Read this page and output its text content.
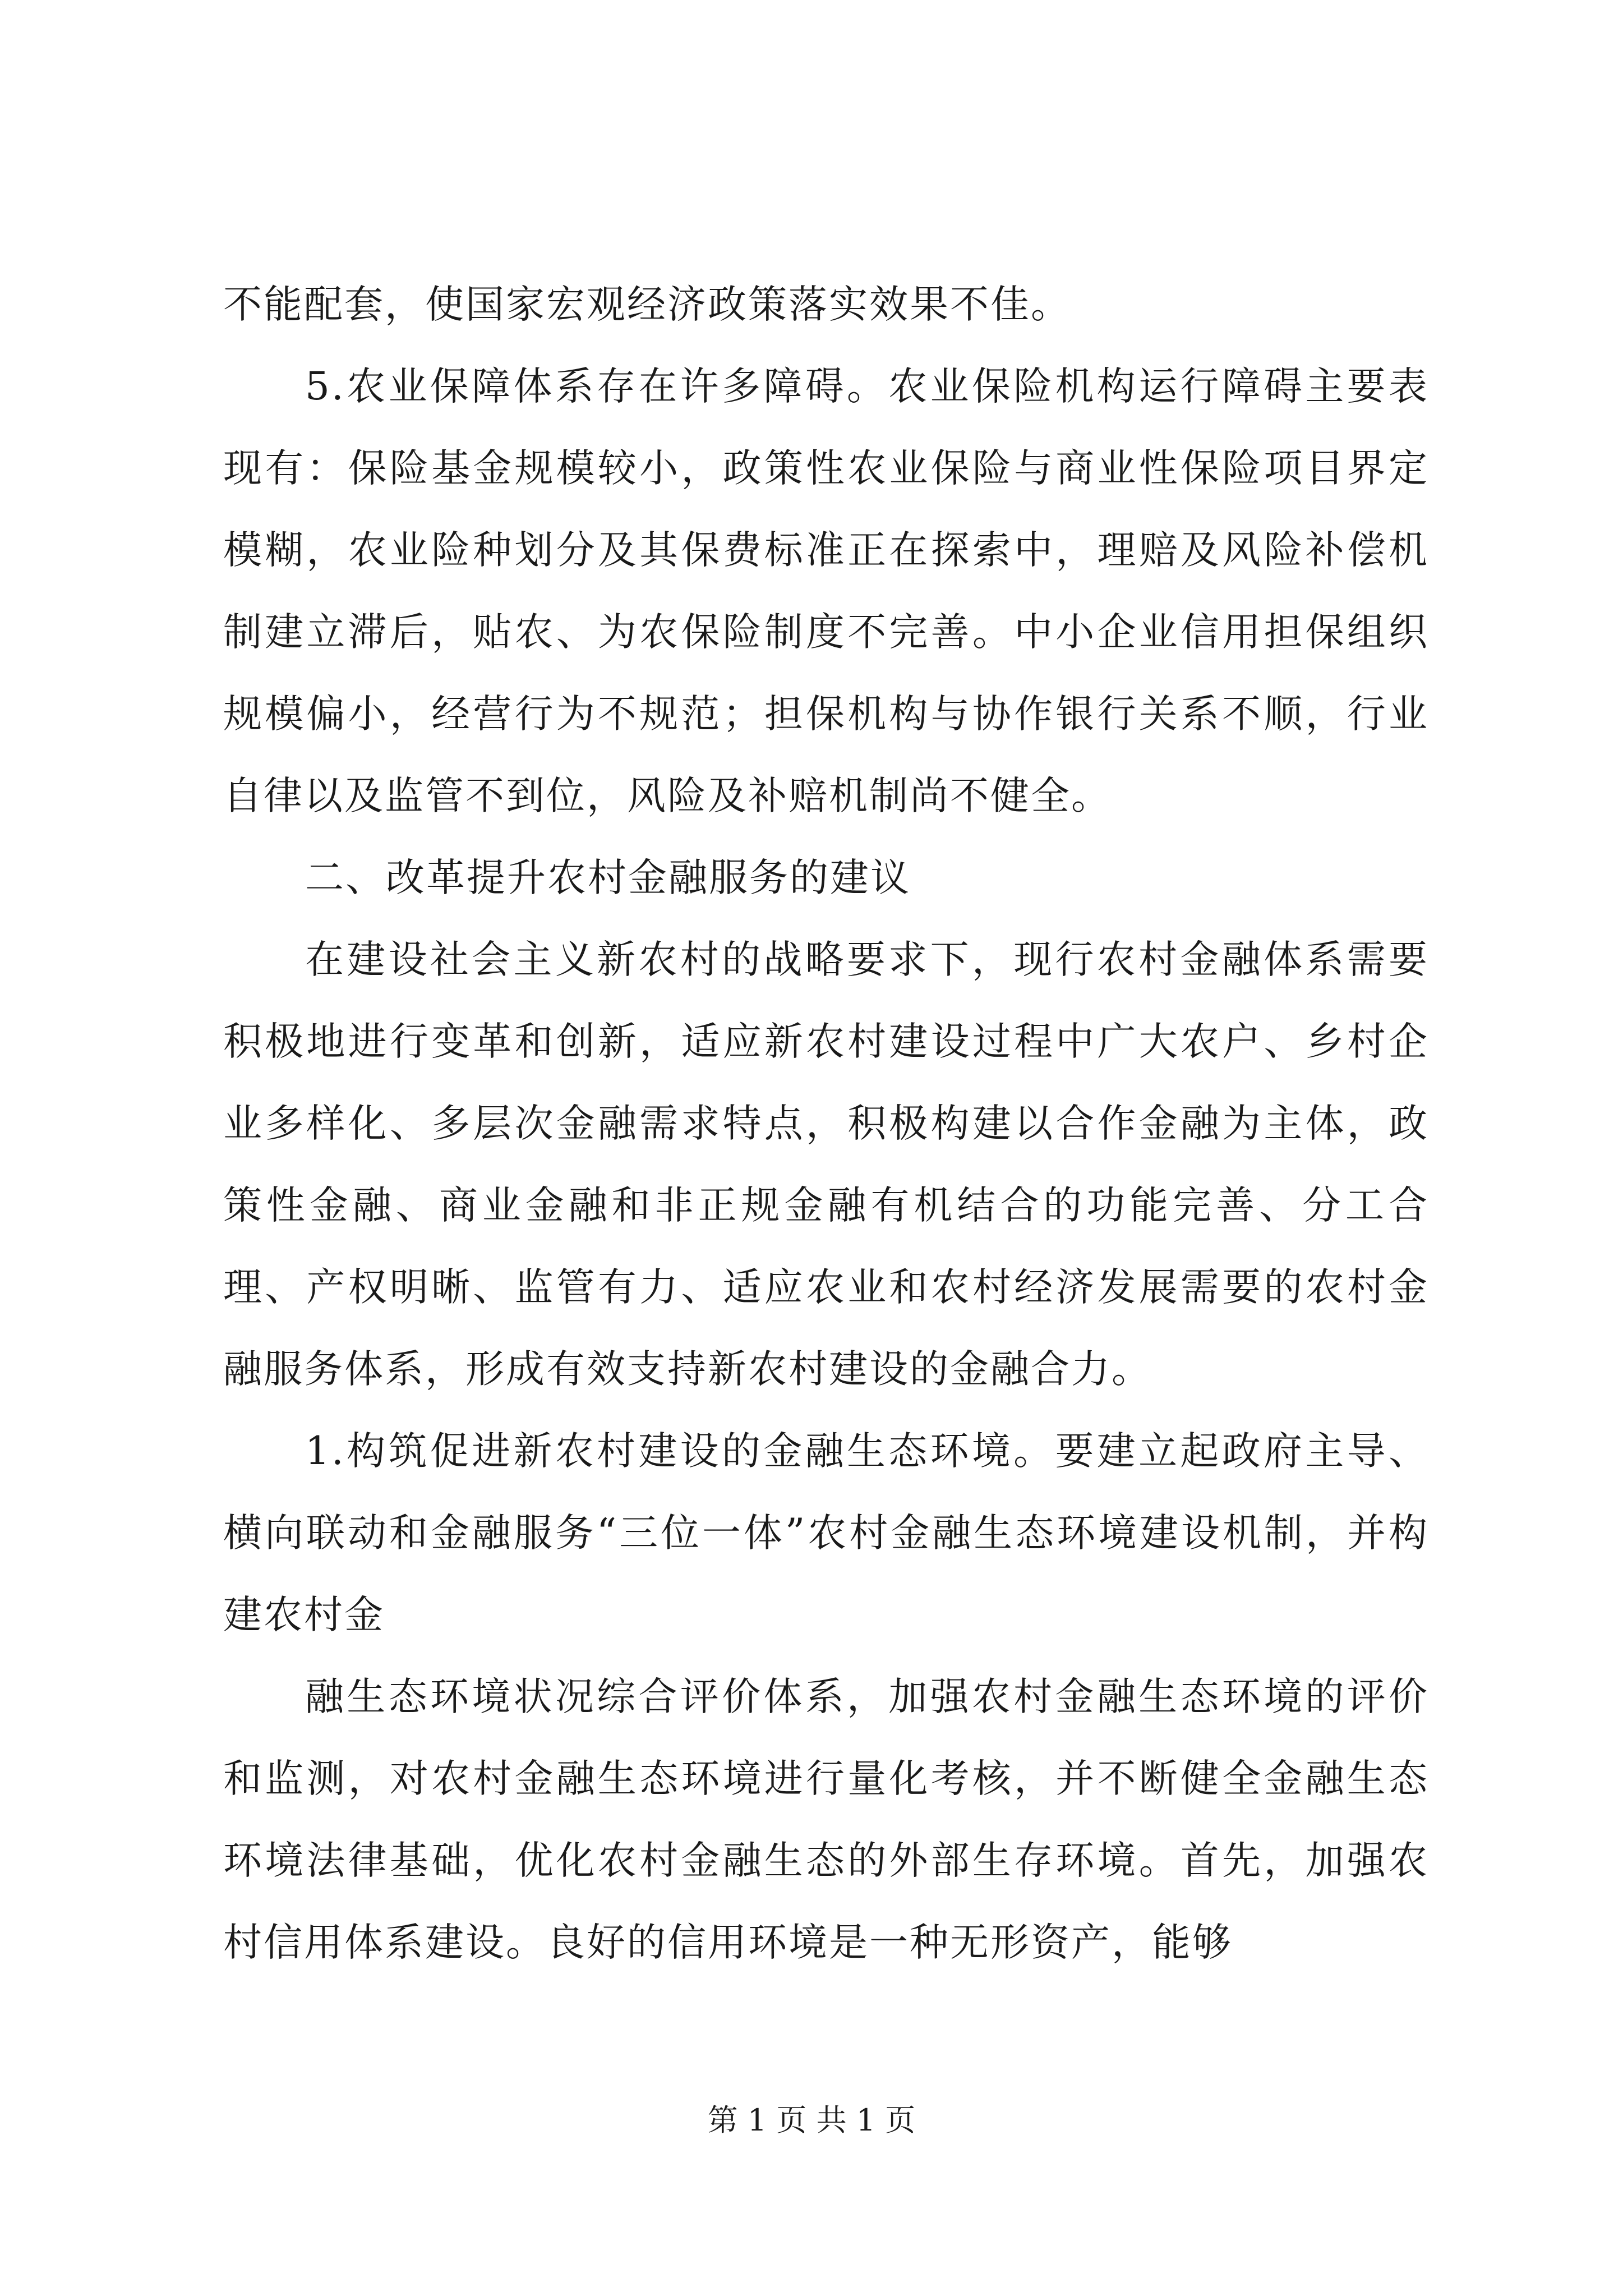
不能配套，使国家宏观经济政策落实效果不佳。

5.农业保障体系存在许多障碍。农业保险机构运行障碍主要表现有：保险基金规模较小，政策性农业保险与商业性保险项目界定模糊，农业险种划分及其保费标准正在探索中，理赔及风险补偿机制建立滞后，贴农、为农保险制度不完善。中小企业信用担保组织规模偏小，经营行为不规范；担保机构与协作银行关系不顺，行业自律以及监管不到位，风险及补赔机制尚不健全。

二、改革提升农村金融服务的建议

在建设社会主义新农村的战略要求下，现行农村金融体系需要积极地进行变革和创新，适应新农村建设过程中广大农户、乡村企业多样化、多层次金融需求特点，积极构建以合作金融为主体，政策性金融、商业金融和非正规金融有机结合的功能完善、分工合理、产权明晰、监管有力、适应农业和农村经济发展需要的农村金融服务体系，形成有效支持新农村建设的金融合力。

1.构筑促进新农村建设的金融生态环境。要建立起政府主导、横向联动和金融服务“三位一体”农村金融生态环境建设机制，并构建农村金

融生态环境状况综合评价体系，加强农村金融生态环境的评价和监测，对农村金融生态环境进行量化考核，并不断健全金融生态环境法律基础，优化农村金融生态的外部生存环境。首先，加强农村信用体系建设。良好的信用环境是一种无形资产，能够

第 1 页 共 1 页
